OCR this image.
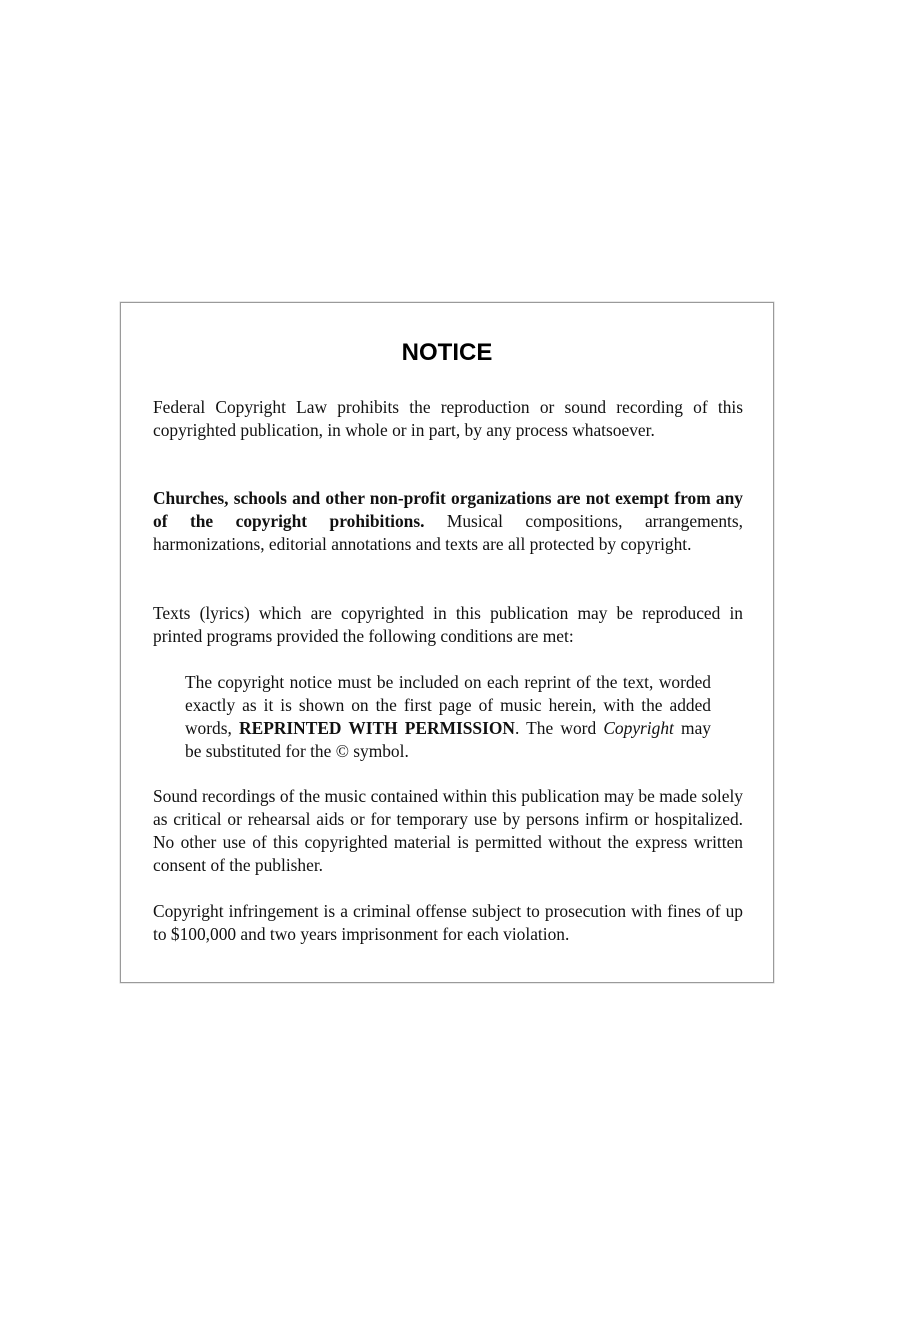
NOTICE

Federal Copyright Law prohibits the reproduction or sound recording of this copyrighted publication, in whole or in part, by any process whatsoever.

Churches, schools and other non-profit organizations are not exempt from any of the copyright prohibitions. Musical compositions, arrangements, harmonizations, editorial annotations and texts are all protected by copyright.

Texts (lyrics) which are copyrighted in this publication may be reproduced in printed programs provided the following conditions are met:

The copyright notice must be included on each reprint of the text, worded exactly as it is shown on the first page of music herein, with the added words, REPRINTED WITH PERMISSION. The word Copyright may be substituted for the © symbol.

Sound recordings of the music contained within this publication may be made solely as critical or rehearsal aids or for temporary use by persons infirm or hospitalized. No other use of this copyrighted material is permitted without the express written consent of the publisher.

Copyright infringement is a criminal offense subject to prosecution with fines of up to $100,000 and two years imprisonment for each violation.
